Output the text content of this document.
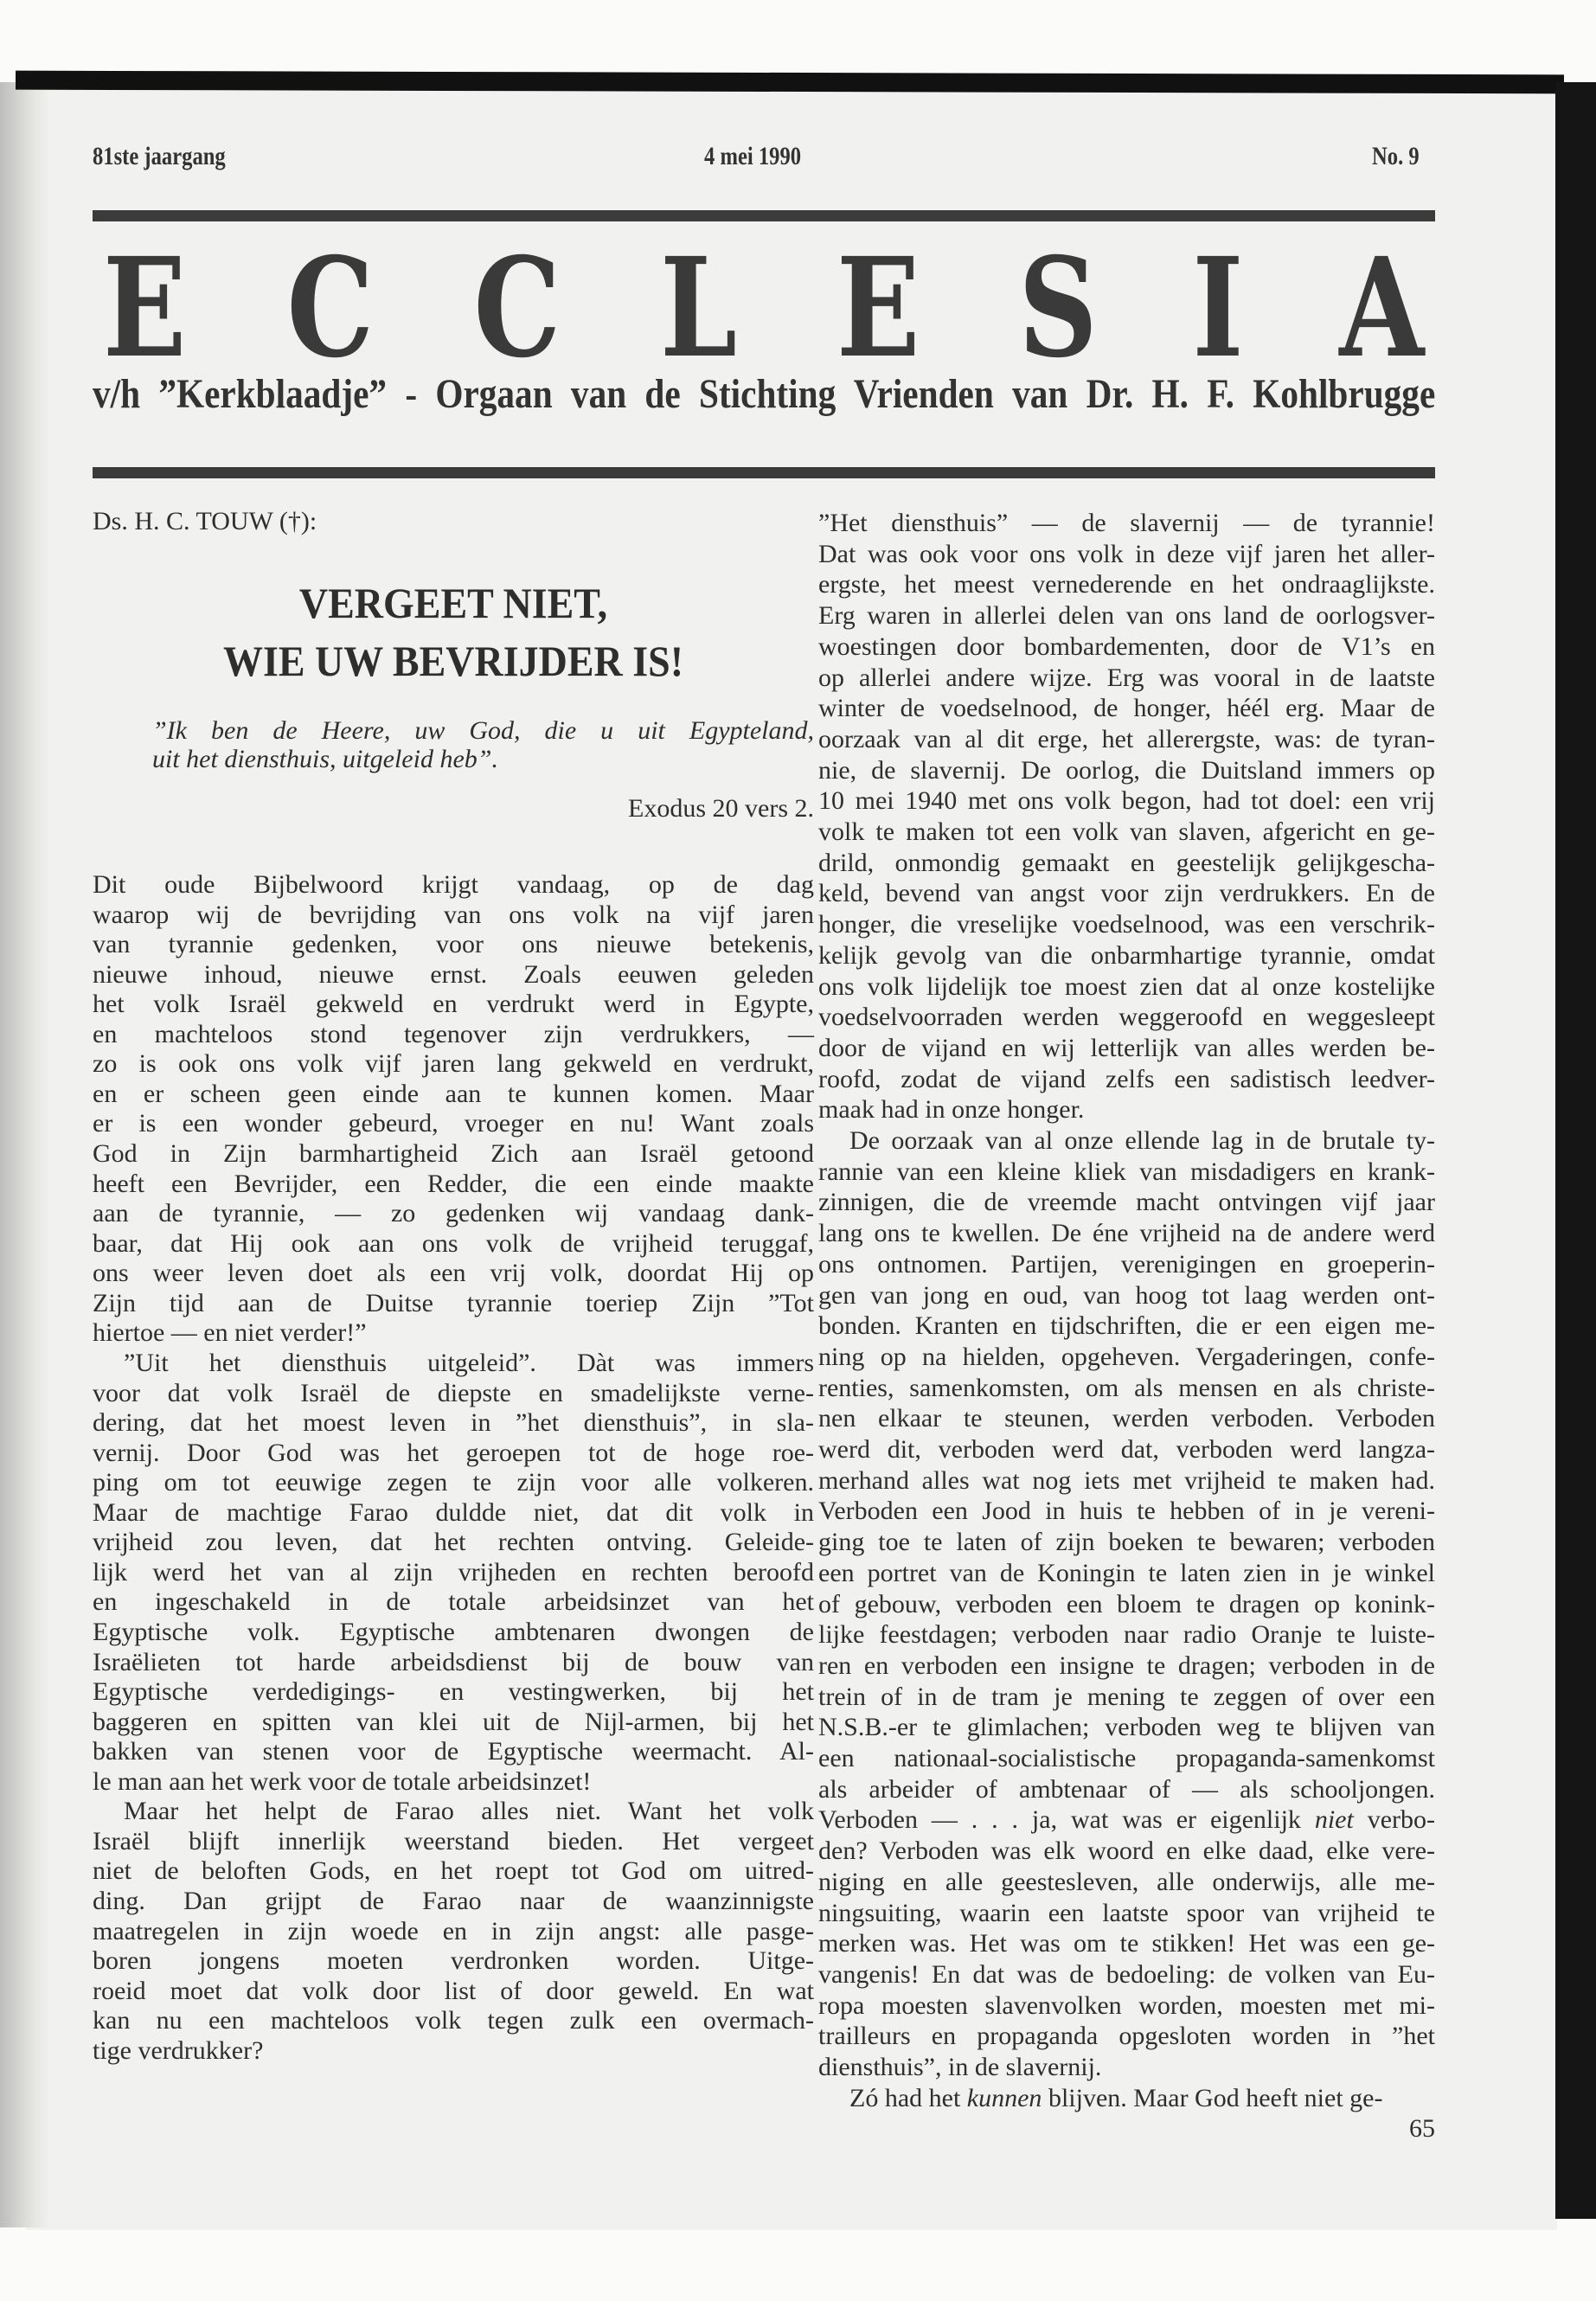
81ste jaargang	4 mei 1990	No. 9
E C C L E S I A
v/h ”Kerkblaadje” - Orgaan van de Stichting Vrienden van Dr. H. F. Kohlbrugge
Ds. H. C. TOUW (†):
VERGEET NIET,
WIE UW BEVRIJDER IS!
”Ik ben de Heere, uw God, die u uit Egypteland,
uit het diensthuis, uitgeleid heb”.
Exodus 20 vers 2.
Dit oude Bijbelwoord krijgt vandaag, op de dag
waarop wij de bevrijding van ons volk na vijf jaren
van tyrannie gedenken, voor ons nieuwe betekenis,
nieuwe inhoud, nieuwe ernst. Zoals eeuwen geleden
het volk Israël gekweld en verdrukt werd in Egypte,
en machteloos stond tegenover zijn verdrukkers, —
zo is ook ons volk vijf jaren lang gekweld en verdrukt,
en er scheen geen einde aan te kunnen komen. Maar
er is een wonder gebeurd, vroeger en nu! Want zoals
God in Zijn barmhartigheid Zich aan Israël getoond
heeft een Bevrijder, een Redder, die een einde maakte
aan de tyrannie, — zo gedenken wij vandaag dank-
baar, dat Hij ook aan ons volk de vrijheid teruggaf,
ons weer leven doet als een vrij volk, doordat Hij op
Zijn tijd aan de Duitse tyrannie toeriep Zijn ”Tot
hiertoe — en niet verder!”
”Uit het diensthuis uitgeleid”. Dàt was immers
voor dat volk Israël de diepste en smadelijkste verne-
dering, dat het moest leven in ”het diensthuis”, in sla-
vernij. Door God was het geroepen tot de hoge roe-
ping om tot eeuwige zegen te zijn voor alle volkeren.
Maar de machtige Farao duldde niet, dat dit volk in
vrijheid zou leven, dat het rechten ontving. Geleide-
lijk werd het van al zijn vrijheden en rechten beroofd
en ingeschakeld in de totale arbeidsinzet van het
Egyptische volk. Egyptische ambtenaren dwongen de
Israëlieten tot harde arbeidsdienst bij de bouw van
Egyptische verdedigings- en vestingwerken, bij het
baggeren en spitten van klei uit de Nijl-armen, bij het
bakken van stenen voor de Egyptische weermacht. Al-
le man aan het werk voor de totale arbeidsinzet!
Maar het helpt de Farao alles niet. Want het volk
Israël blijft innerlijk weerstand bieden. Het vergeet
niet de beloften Gods, en het roept tot God om uitred-
ding. Dan grijpt de Farao naar de waanzinnigste
maatregelen in zijn woede en in zijn angst: alle pasge-
boren jongens moeten verdronken worden. Uitge-
roeid moet dat volk door list of door geweld. En wat
kan nu een machteloos volk tegen zulk een overmach-
tige verdrukker?
”Het diensthuis” — de slavernij — de tyrannie!
Dat was ook voor ons volk in deze vijf jaren het aller-
ergste, het meest vernederende en het ondraaglijkste.
Erg waren in allerlei delen van ons land de oorlogsver-
woestingen door bombardementen, door de V1’s en
op allerlei andere wijze. Erg was vooral in de laatste
winter de voedselnood, de honger, héél erg. Maar de
oorzaak van al dit erge, het allerergste, was: de tyran-
nie, de slavernij. De oorlog, die Duitsland immers op
10 mei 1940 met ons volk begon, had tot doel: een vrij
volk te maken tot een volk van slaven, afgericht en ge-
drild, onmondig gemaakt en geestelijk gelijkgescha-
keld, bevend van angst voor zijn verdrukkers. En de
honger, die vreselijke voedselnood, was een verschrik-
kelijk gevolg van die onbarmhartige tyrannie, omdat
ons volk lijdelijk toe moest zien dat al onze kostelijke
voedselvoorraden werden weggeroofd en weggesleept
door de vijand en wij letterlijk van alles werden be-
roofd, zodat de vijand zelfs een sadistisch leedver-
maak had in onze honger.
De oorzaak van al onze ellende lag in de brutale ty-
rannie van een kleine kliek van misdadigers en krank-
zinnigen, die de vreemde macht ontvingen vijf jaar
lang ons te kwellen. De éne vrijheid na de andere werd
ons ontnomen. Partijen, verenigingen en groeperin-
gen van jong en oud, van hoog tot laag werden ont-
bonden. Kranten en tijdschriften, die er een eigen me-
ning op na hielden, opgeheven. Vergaderingen, confe-
renties, samenkomsten, om als mensen en als christe-
nen elkaar te steunen, werden verboden. Verboden
werd dit, verboden werd dat, verboden werd langza-
merhand alles wat nog iets met vrijheid te maken had.
Verboden een Jood in huis te hebben of in je vereni-
ging toe te laten of zijn boeken te bewaren; verboden
een portret van de Koningin te laten zien in je winkel
of gebouw, verboden een bloem te dragen op konink-
lijke feestdagen; verboden naar radio Oranje te luiste-
ren en verboden een insigne te dragen; verboden in de
trein of in de tram je mening te zeggen of over een
N.S.B.-er te glimlachen; verboden weg te blijven van
een nationaal-socialistische propaganda-samenkomst
als arbeider of ambtenaar of — als schooljongen.
Verboden — . . . ja, wat was er eigenlijk niet verbo-
den? Verboden was elk woord en elke daad, elke vere-
niging en alle geestesleven, alle onderwijs, alle me-
ningsuiting, waarin een laatste spoor van vrijheid te
merken was. Het was om te stikken! Het was een ge-
vangenis! En dat was de bedoeling: de volken van Eu-
ropa moesten slavenvolken worden, moesten met mi-
trailleurs en propaganda opgesloten worden in ”het
diensthuis”, in de slavernij.
Zó had het kunnen blijven. Maar God heeft niet ge-
65
